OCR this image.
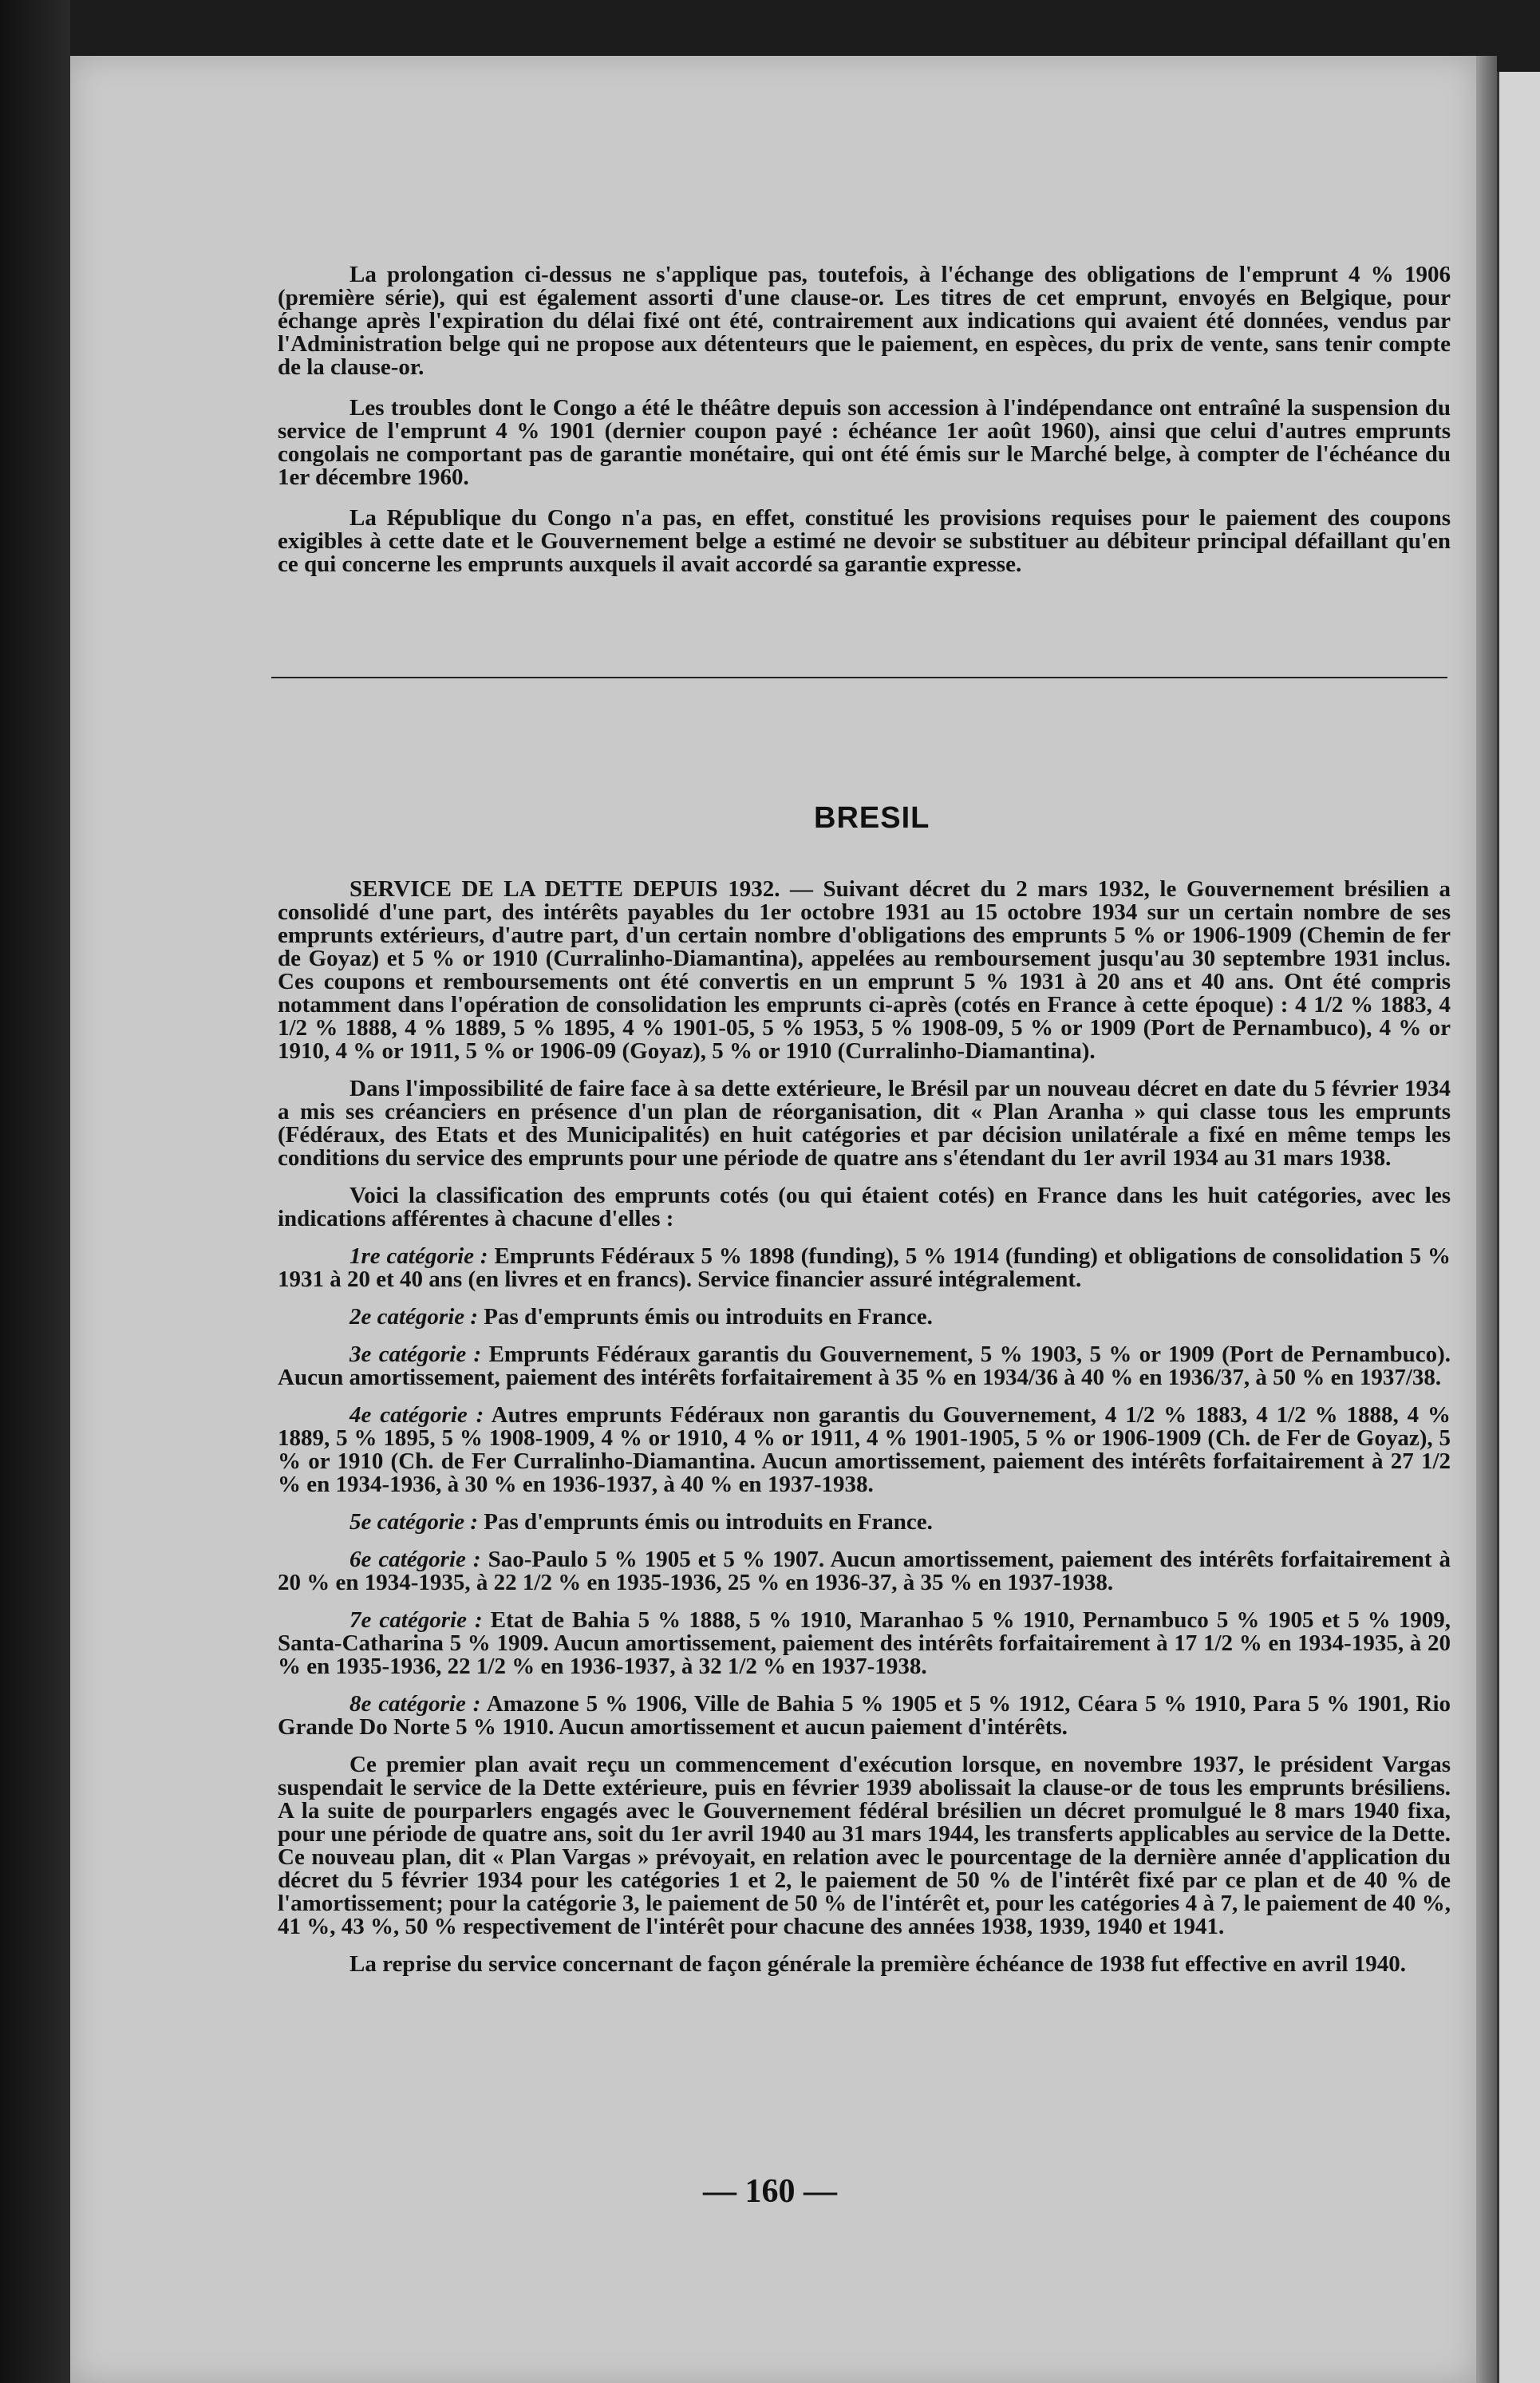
La prolongation ci-dessus ne s'applique pas, toutefois, à l'échange des obligations de l'emprunt 4 % 1906 (première série), qui est également assorti d'une clause-or. Les titres de cet emprunt, envoyés en Belgique, pour échange après l'expiration du délai fixé ont été, contrairement aux indications qui avaient été données, vendus par l'Administration belge qui ne propose aux détenteurs que le paiement, en espèces, du prix de vente, sans tenir compte de la clause-or.

Les troubles dont le Congo a été le théâtre depuis son accession à l'indépendance ont entraîné la suspension du service de l'emprunt 4 % 1901 (dernier coupon payé : échéance 1er août 1960), ainsi que celui d'autres emprunts congolais ne comportant pas de garantie monétaire, qui ont été émis sur le Marché belge, à compter de l'échéance du 1er décembre 1960.

La République du Congo n'a pas, en effet, constitué les provisions requises pour le paiement des coupons exigibles à cette date et le Gouvernement belge a estimé ne devoir se substituer au débiteur principal défaillant qu'en ce qui concerne les emprunts auxquels il avait accordé sa garantie expresse.

BRESIL

SERVICE DE LA DETTE DEPUIS 1932. — Suivant décret du 2 mars 1932, le Gouvernement brésilien a consolidé d'une part, des intérêts payables du 1er octobre 1931 au 15 octobre 1934 sur un certain nombre de ses emprunts extérieurs, d'autre part, d'un certain nombre d'obligations des emprunts 5 % or 1906-1909 (Chemin de fer de Goyaz) et 5 % or 1910 (Curralinho-Diamantina), appelées au remboursement jusqu'au 30 septembre 1931 inclus. Ces coupons et remboursements ont été convertis en un emprunt 5 % 1931 à 20 ans et 40 ans. Ont été compris notamment dans l'opération de consolidation les emprunts ci-après (cotés en France à cette époque) : 4 1/2 % 1883, 4 1/2 % 1888, 4 % 1889, 5 % 1895, 4 % 1901-05, 5 % 1953, 5 % 1908-09, 5 % or 1909 (Port de Pernambuco), 4 % or 1910, 4 % or 1911, 5 % or 1906-09 (Goyaz), 5 % or 1910 (Curralinho-Diamantina).

Dans l'impossibilité de faire face à sa dette extérieure, le Brésil par un nouveau décret en date du 5 février 1934 a mis ses créanciers en présence d'un plan de réorganisation, dit « Plan Aranha » qui classe tous les emprunts (Fédéraux, des Etats et des Municipalités) en huit catégories et par décision unilatérale a fixé en même temps les conditions du service des emprunts pour une période de quatre ans s'étendant du 1er avril 1934 au 31 mars 1938.

Voici la classification des emprunts cotés (ou qui étaient cotés) en France dans les huit catégories, avec les indications afférentes à chacune d'elles :

1re catégorie : Emprunts Fédéraux 5 % 1898 (funding), 5 % 1914 (funding) et obligations de consolidation 5 % 1931 à 20 et 40 ans (en livres et en francs). Service financier assuré intégralement.

2e catégorie : Pas d'emprunts émis ou introduits en France.

3e catégorie : Emprunts Fédéraux garantis du Gouvernement, 5 % 1903, 5 % or 1909 (Port de Pernambuco). Aucun amortissement, paiement des intérêts forfaitairement à 35 % en 1934/36 à 40 % en 1936/37, à 50 % en 1937/38.

4e catégorie : Autres emprunts Fédéraux non garantis du Gouvernement, 4 1/2 % 1883, 4 1/2 % 1888, 4 % 1889, 5 % 1895, 5 % 1908-1909, 4 % or 1910, 4 % or 1911, 4 % 1901-1905, 5 % or 1906-1909 (Ch. de Fer de Goyaz), 5 % or 1910 (Ch. de Fer Curralinho-Diamantina. Aucun amortissement, paiement des intérêts forfaitairement à 27 1/2 % en 1934-1936, à 30 % en 1936-1937, à 40 % en 1937-1938.

5e catégorie : Pas d'emprunts émis ou introduits en France.

6e catégorie : Sao-Paulo 5 % 1905 et 5 % 1907. Aucun amortissement, paiement des intérêts forfaitairement à 20 % en 1934-1935, à 22 1/2 % en 1935-1936, 25 % en 1936-37, à 35 % en 1937-1938.

7e catégorie : Etat de Bahia 5 % 1888, 5 % 1910, Maranhao 5 % 1910, Pernambuco 5 % 1905 et 5 % 1909, Santa-Catharina 5 % 1909. Aucun amortissement, paiement des intérêts forfaitairement à 17 1/2 % en 1934-1935, à 20 % en 1935-1936, 22 1/2 % en 1936-1937, à 32 1/2 % en 1937-1938.

8e catégorie : Amazone 5 % 1906, Ville de Bahia 5 % 1905 et 5 % 1912, Céara 5 % 1910, Para 5 % 1901, Rio Grande Do Norte 5 % 1910. Aucun amortissement et aucun paiement d'intérêts.

Ce premier plan avait reçu un commencement d'exécution lorsque, en novembre 1937, le président Vargas suspendait le service de la Dette extérieure, puis en février 1939 abolissait la clause-or de tous les emprunts brésiliens. A la suite de pourparlers engagés avec le Gouvernement fédéral brésilien un décret promulgué le 8 mars 1940 fixa, pour une période de quatre ans, soit du 1er avril 1940 au 31 mars 1944, les transferts applicables au service de la Dette. Ce nouveau plan, dit « Plan Vargas » prévoyait, en relation avec le pourcentage de la dernière année d'application du décret du 5 février 1934 pour les catégories 1 et 2, le paiement de 50 % de l'intérêt fixé par ce plan et de 40 % de l'amortissement; pour la catégorie 3, le paiement de 50 % de l'intérêt et, pour les catégories 4 à 7, le paiement de 40 %, 41 %, 43 %, 50 % respectivement de l'intérêt pour chacune des années 1938, 1939, 1940 et 1941.

La reprise du service concernant de façon générale la première échéance de 1938 fut effective en avril 1940.

— 160 —
